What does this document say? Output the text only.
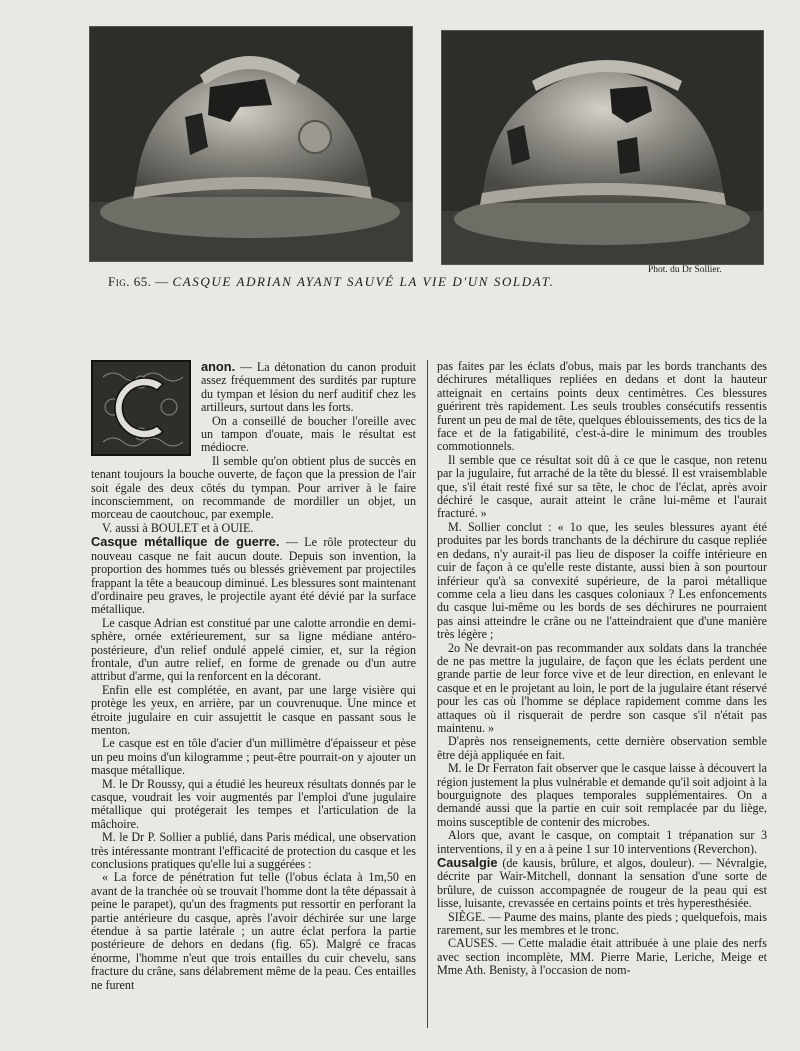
Phot. du Dr Sollier.
Fig. 65. — CASQUE ADRIAN AYANT SAUVÉ LA VIE D'UN SOLDAT.

anon. — La détonation du canon produit assez fréquemment des surdités par rupture du tympan et lésion du nerf auditif chez les artilleurs, surtout dans les forts.

On a conseillé de boucher l'oreille avec un tampon d'ouate, mais le résultat est médiocre.

Il semble qu'on obtient plus de succès en tenant toujours la bouche ouverte, de façon que la pression de l'air soit égale des deux côtés du tympan. Pour arriver à le faire inconsciemment, on recommande de mordiller un objet, un morceau de caoutchouc, par exemple.

V. aussi à BOULET et à OUIE.

Casque métallique de guerre. — Le rôle protecteur du nouveau casque ne fait aucun doute. Depuis son invention, la proportion des hommes tués ou blessés grièvement par projectiles frappant la tête a beaucoup diminué. Les blessures sont maintenant d'ordinaire peu graves, le projectile ayant été dévié par la surface métallique.

Le casque Adrian est constitué par une calotte arrondie en demi-sphère, ornée extérieurement, sur sa ligne médiane antéro-postérieure, d'un relief ondulé appelé cimier, et, sur la région frontale, d'un autre relief, en forme de grenade ou d'un autre attribut d'arme, qui la renforcent en la décorant.

Enfin elle est complétée, en avant, par une large visière qui protège les yeux, en arrière, par un couvrenuque. Une mince et étroite jugulaire en cuir assujettit le casque en passant sous le menton.

Le casque est en tôle d'acier d'un millimètre d'épaisseur et pèse un peu moins d'un kilogramme ; peut-être pourrait-on y ajouter un masque métallique.

M. le Dr Roussy, qui a étudié les heureux résultats donnés par le casque, voudrait les voir augmentés par l'emploi d'une jugulaire métallique qui protégerait les tempes et l'articulation de la mâchoire.

M. le Dr P. Sollier a publié, dans Paris médical, une observation très intéressante montrant l'efficacité de protection du casque et les conclusions pratiques qu'elle lui a suggérées :

« La force de pénétration fut telle (l'obus éclata à 1m,50 en avant de la tranchée où se trouvait l'homme dont la tête dépassait à peine le parapet), qu'un des fragments put ressortir en perforant la partie antérieure du casque, après l'avoir déchirée sur une large étendue à sa partie latérale ; un autre éclat perfora la partie postérieure de dehors en dedans (fig. 65). Malgré ce fracas énorme, l'homme n'eut que trois entailles du cuir chevelu, sans fracture du crâne, sans délabrement même de la peau. Ces entailles ne furent

pas faites par les éclats d'obus, mais par les bords tranchants des déchirures métalliques repliées en dedans et dont la hauteur atteignait en certains points deux centimètres. Ces blessures guérirent très rapidement. Les seuls troubles consécutifs ressentis furent un peu de mal de tête, quelques éblouissements, des tics de la face et de la fatigabilité, c'est-à-dire le minimum des troubles commotionnels.

Il semble que ce résultat soit dû à ce que le casque, non retenu par la jugulaire, fut arraché de la tête du blessé. Il est vraisemblable que, s'il était resté fixé sur sa tête, le choc de l'éclat, après avoir déchiré le casque, aurait atteint le crâne lui-même et l'aurait fracturé. »

M. Sollier conclut : « 1o que, les seules blessures ayant été produites par les bords tranchants de la déchirure du casque repliée en dedans, n'y aurait-il pas lieu de disposer la coiffe intérieure en cuir de façon à ce qu'elle reste distante, aussi bien à son pourtour inférieur qu'à sa convexité supérieure, de la paroi métallique comme cela a lieu dans les casques coloniaux ? Les enfoncements du casque lui-même ou les bords de ses déchirures ne pourraient pas ainsi atteindre le crâne ou ne l'atteindraient que d'une manière très légère ;

2o Ne devrait-on pas recommander aux soldats dans la tranchée de ne pas mettre la jugulaire, de façon que les éclats perdent une grande partie de leur force vive et de leur direction, en enlevant le casque et en le projetant au loin, le port de la jugulaire étant réservé pour les cas où l'homme se déplace rapidement comme dans les attaques où il risquerait de perdre son casque s'il n'était pas maintenu. »

D'après nos renseignements, cette dernière observation semble être déjà appliquée en fait.

M. le Dr Ferraton fait observer que le casque laisse à découvert la région justement la plus vulnérable et demande qu'il soit adjoint à la bourguignote des plaques temporales supplémentaires. On a demandé aussi que la partie en cuir soit remplacée par du liège, moins susceptible de contenir des microbes.

Alors que, avant le casque, on comptait 1 trépanation sur 3 interventions, il y en a à peine 1 sur 10 interventions (Reverchon).

Causalgie (de kausis, brûlure, et algos, douleur). — Névralgie, décrite par Wair-Mitchell, donnant la sensation d'une sorte de brûlure, de cuisson accompagnée de rougeur de la peau qui est lisse, luisante, crevassée en certains points et très hyperesthésiée.

SIÈGE. — Paume des mains, plante des pieds ; quelquefois, mais rarement, sur les membres et le tronc.

CAUSES. — Cette maladie était attribuée à une plaie des nerfs avec section incomplète, MM. Pierre Marie, Leriche, Meige et Mme Ath. Benisty, à l'occasion de nom-
